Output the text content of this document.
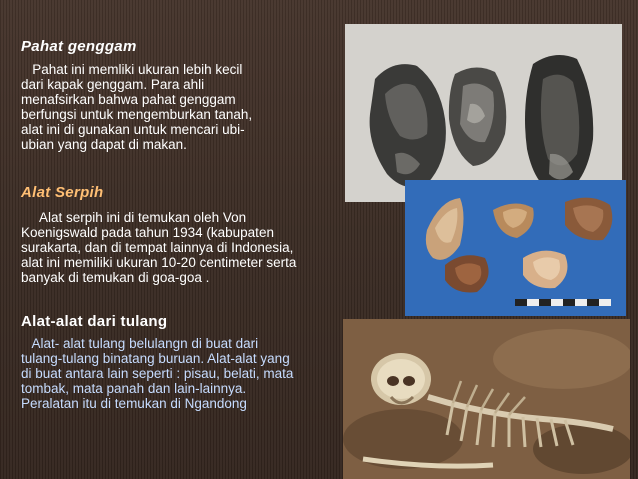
Pahat genggam

Pahat ini memliki ukuran lebih kecil

dari kapak genggam. Para ahli

menafsirkan bahwa pahat genggam

berfungsi untuk mengemburkan tanah,

alat ini di gunakan untuk mencari ubi-

ubian yang dapat di makan.

Alat Serpih

Alat serpih ini di temukan oleh Von

Koenigswald pada tahun 1934 (kabupaten

surakarta, dan di tempat lainnya di Indonesia,

alat ini memiliki ukuran 10-20 centimeter serta

banyak di temukan di goa-goa .

Alat-alat dari tulang

Alat- alat tulang belulangn di buat dari

tulang-tulang binatang buruan. Alat-alat yang

di buat antara lain seperti : pisau, belati, mata

tombak, mata panah dan lain-lainnya.

Peralatan itu di temukan di Ngandong
